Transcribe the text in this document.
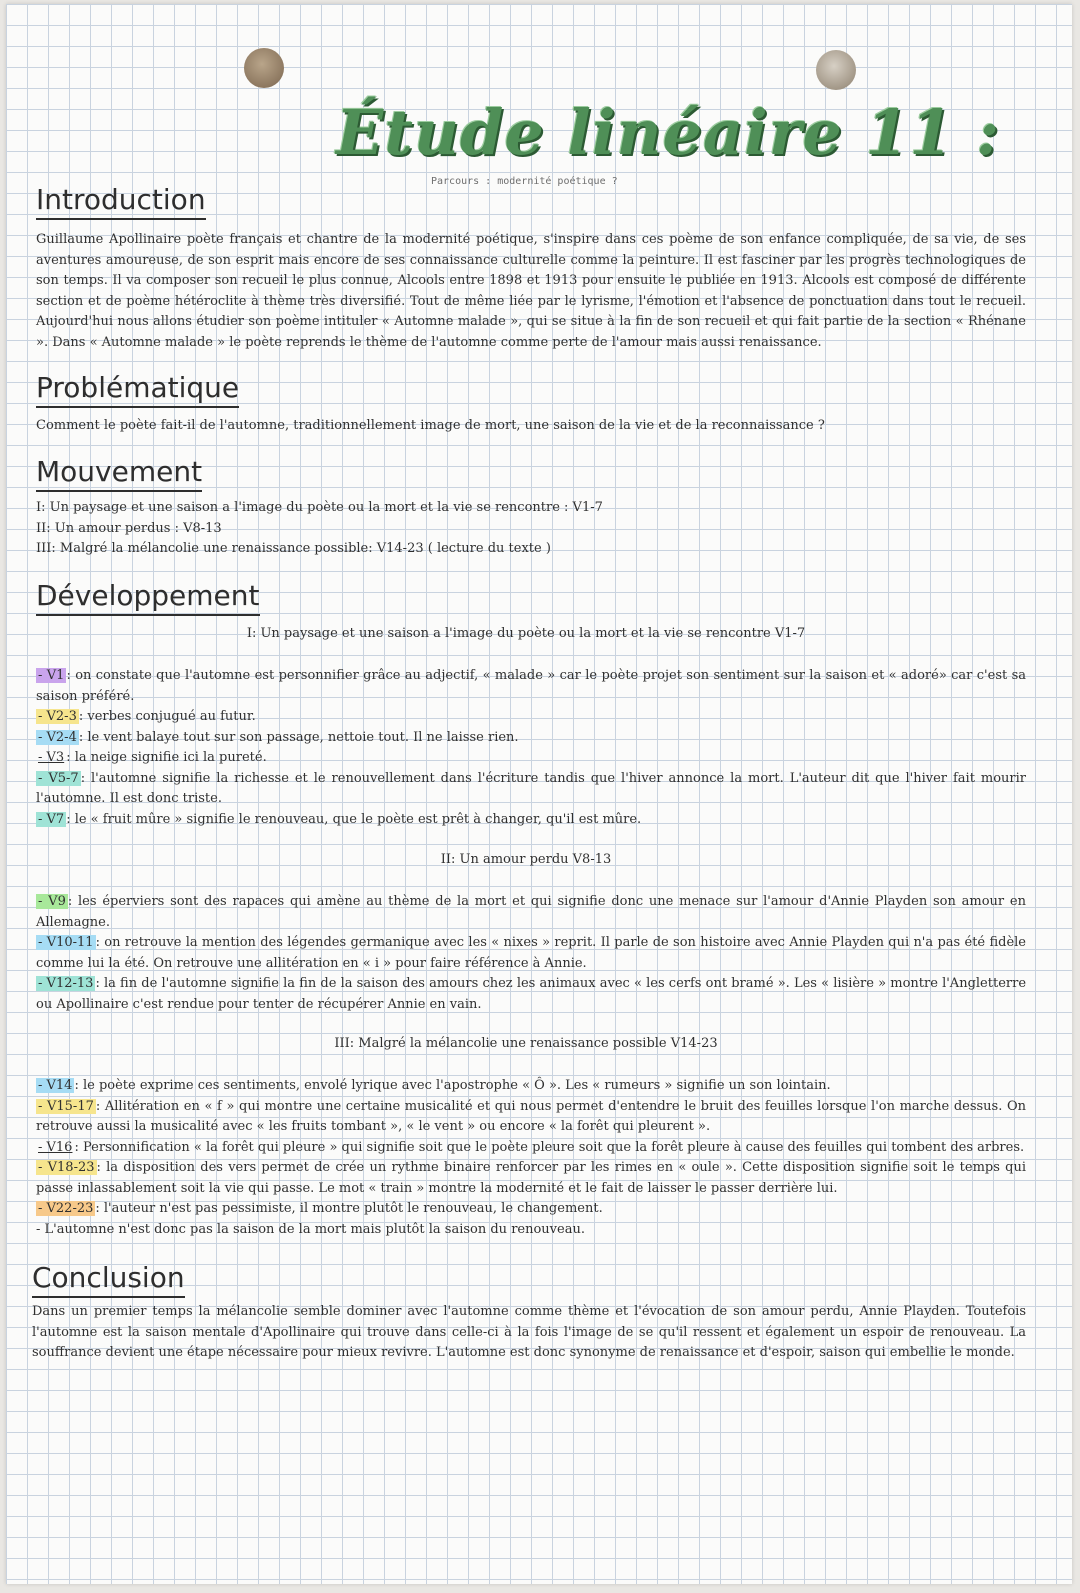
Étude linéaire 11 :
Parcours : modernité poétique ?
Introduction

Guillaume Apollinaire poète français et chantre de la modernité poétique, s'inspire dans ces poème de son enfance compliquée, de sa vie, de ses aventures amoureuse, de son esprit mais encore de ses connaissance culturelle comme la peinture. Il est fasciner par les progrès technologiques de son temps. Il va composer son recueil le plus connue, Alcools entre 1898 et 1913 pour ensuite le publiée en 1913. Alcools est composé de différente section et de poème hétéroclite à thème très diversifié. Tout de même liée par le lyrisme, l'émotion et l'absence de ponctuation dans tout le recueil. Aujourd'hui nous allons étudier son poème intituler « Automne malade », qui se situe à la fin de son recueil et qui fait partie de la section « Rhénane ». Dans « Automne malade » le poète reprends le thème de l'automne comme perte de l'amour mais aussi renaissance.

Problématique

Comment le poète fait-il de l'automne, traditionnellement image de mort, une saison de la vie et de la reconnaissance ?

Mouvement
I: Un paysage et une saison a l'image du poète ou la mort et la vie se rencontre : V1-7
II: Un amour perdus : V8-13
III: Malgré la mélancolie une renaissance possible: V14-23 ( lecture du texte )
Développement
I: Un paysage et une saison a l'image du poète ou la mort et la vie se rencontre V1-7
- V1 : on constate que l'automne est personnifier grâce au adjectif, « malade » car le poète projet son sentiment sur la saison et « adoré» car c'est sa saison préféré.
- V2-3 : verbes conjugué au futur.
- V2-4 : le vent balaye tout sur son passage, nettoie tout. Il ne laisse rien.
- V3 : la neige signifie ici la pureté.
- V5-7 : l'automne signifie la richesse et le renouvellement dans l'écriture tandis que l'hiver annonce la mort. L'auteur dit que l'hiver fait mourir l'automne. Il est donc triste.
- V7 : le « fruit mûre » signifie le renouveau, que le poète est prêt à changer, qu'il est mûre.
II: Un amour perdu V8-13
- V9 : les éperviers sont des rapaces qui amène au thème de la mort et qui signifie donc une menace sur l'amour d'Annie Playden son amour en Allemagne.
- V10-11 : on retrouve la mention des légendes germanique avec les « nixes » reprit. Il parle de son histoire avec Annie Playden qui n'a pas été fidèle comme lui la été. On retrouve une allitération en « i » pour faire référence à Annie.
- V12-13 : la fin de l'automne signifie la fin de la saison des amours chez les animaux avec « les cerfs ont bramé ». Les « lisière » montre l'Angletterre ou Apollinaire c'est rendue pour tenter de récupérer Annie en vain.
III: Malgré la mélancolie une renaissance possible V14-23
- V14 : le poète exprime ces sentiments, envolé lyrique avec l'apostrophe « Ô ». Les « rumeurs » signifie un son lointain.
- V15-17 : Allitération en « f » qui montre une certaine musicalité et qui nous permet d'entendre le bruit des feuilles lorsque l'on marche dessus. On retrouve aussi la musicalité avec « les fruits tombant », « le vent » ou encore « la forêt qui pleurent ».
- V16 : Personnification « la forêt qui pleure » qui signifie soit que le poète pleure soit que la forêt pleure à cause des feuilles qui tombent des arbres.
- V18-23 : la disposition des vers permet de crée un rythme binaire renforcer par les rimes en « oule ». Cette disposition signifie soit le temps qui passe inlassablement soit la vie qui passe. Le mot « train » montre la modernité et le fait de laisser le passer derrière lui.
- V22-23 : l'auteur n'est pas pessimiste, il montre plutôt le renouveau, le changement.
- L'automne n'est donc pas la saison de la mort mais plutôt la saison du renouveau.
Conclusion

Dans un premier temps la mélancolie semble dominer avec l'automne comme thème et l'évocation de son amour perdu, Annie Playden. Toutefois l'automne est la saison mentale d'Apollinaire qui trouve dans celle-ci à la fois l'image de se qu'il ressent et également un espoir de renouveau. La souffrance devient une étape nécessaire pour mieux revivre. L'automne est donc synonyme de renaissance et d'espoir, saison qui embellie le monde.
